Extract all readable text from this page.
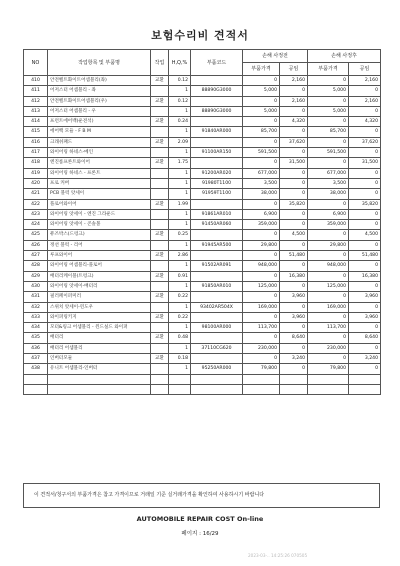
보험수리비 견적서
NO	작업항목 및 부품명	작업	H,Q,%	부품코드	손해 사정전		손해 사정후	
					부품가격	공임	부품가격	공임
410	안전벨트화이트어셈블리(좌)	교환	0.12		0	2,160	0	2,160
411	어저스터 어셈블리 - 좌		1	88890G3000	5,000	0	5,000	0
412	안전벨트화이트어셈블리(우)	교환	0.12		0	2,160	0	2,160
413	어저스터 어셈블리 - 우		1	88890G3000	5,000	0	5,000	0
414	프런트에어백(운전석)	교환	0.24		0	4,320	0	4,320
415	에어백 모듈 - F B M		1	91840AR000	85,700	0	85,700	0
416	크래쉬패드	교환	2.09		0	37,620	0	37,620
417	와이어링 하네스-메인		1	91100AR150	591,500	0	591,500	0
418	엔진룸프론트와이어	교환	1.75		0	31,500	0	31,500
419	와이어링 하네스 - 프론트		1	91200AR020	677,000	0	677,000	0
420	프로 커버		1	91980T1100	3,500	0	3,500	0
421	PCB 블럭 앗세이		1	91959T1100	38,000	0	38,000	0
422	플로어와이어	교환	1.99		0	35,820	0	35,820
423	와이어링 앗세이 - 엔진 그라운드		1	91861AR010	6,900	0	6,900	0
424	와이어링 앗세이 - 콘솔볼		1	91450AR060	359,000	0	359,000	0
425	퓨즈박스(드렁크)	교환	0.25		0	4,500	0	4,500
426	정션 블럭 - 리어		1	91945AR500	29,800	0	29,800	0
427	루프와이어	교환	2.86		0	51,480	0	51,480
428	와이어링 어셈블리-플로어		1	91502AR091	948,000	0	948,000	0
429	배터리케이블(트렁크)	교환	0.91		0	16,380	0	16,380
430	와이어링 앗세이-배터리		1	91850AR010	125,000	0	125,000	0
431	필러페이퍼미러	교환	0.22		0	3,960	0	3,960
432	스위치 앗세이-윈도우		1	93402AR504X	169,000	0	169,000	0
433	와이퍼링키지	교환	0.22		0	3,960	0	3,960
434	모터&링크 어셈블리 - 윈드실드 와이퍼		1	98100AR000	113,700	0	113,700	0
435	배터리	교환	0.48		0	8,640	0	8,640
436	배터리 어셈블리		1	37110CG620	230,000	0	230,000	0
437	인버터모듈	교환	0.18		0	3,240	0	3,240
438	유니트 어셈블리-인버터		1	95250AR000	79,800	0	79,800	0

이 견적서/청구서의 부품가격은 참고 가격이므로 거래일 기준 실거래가격을 확인하여 사용하시기 바랍니다
AUTOMOBILE REPAIR COST On-line
페이지 : 16/29
2023-03-.. 14:25:26 070505
